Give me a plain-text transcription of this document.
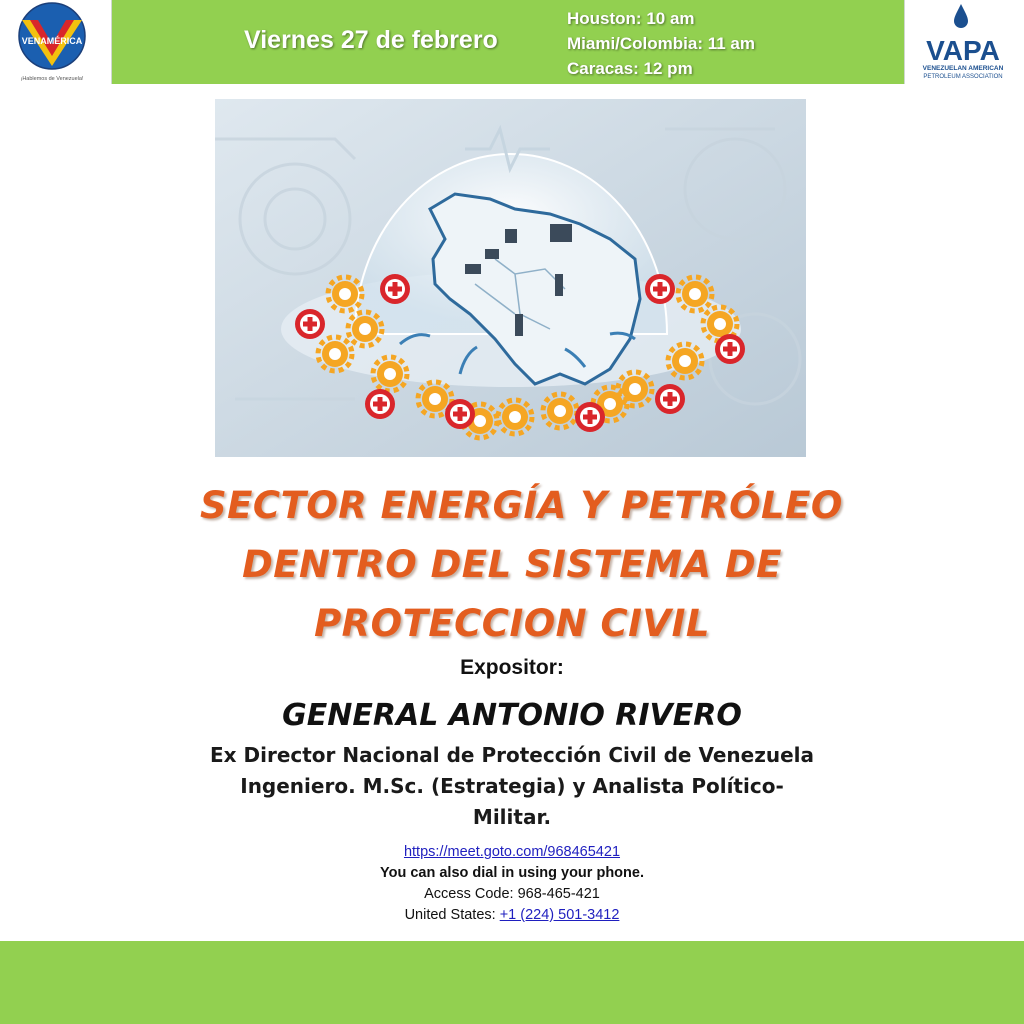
VENAMÉRICA
¡Hablemos de Venezuela!
Viernes 27 de febrero
Houston: 10 am
Miami/Colombia: 11 am
Caracas: 12 pm
VAPA
VENEZUELAN AMERICAN
PETROLEUM ASSOCIATION
SECTOR ENERGÍA Y PETRÓLEO
DENTRO DEL SISTEMA DE
PROTECCION CIVIL
Expositor:
GENERAL ANTONIO RIVERO
Ex Director Nacional de Protección Civil de Venezuela
Ingeniero. M.Sc. (Estrategia) y Analista Político-
Militar.
https://meet.goto.com/968465421
You can also dial in using your phone.
Access Code: 968-465-421
United States: +1 (224) 501-3412
